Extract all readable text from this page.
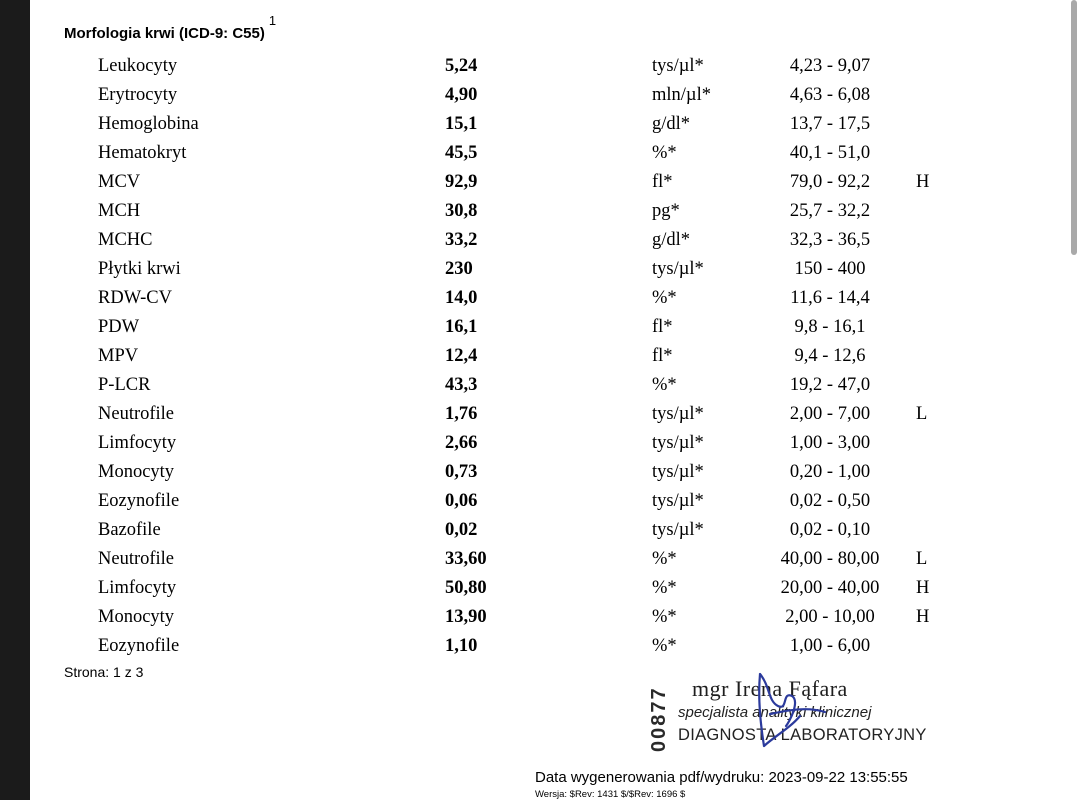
Morfologia krwi (ICD-9: C55)$^1$
Leukocyty	5,24	tys/µl*	4,23 - 9,07
Erytrocyty	4,90	mln/µl*	4,63 - 6,08
Hemoglobina	15,1	g/dl*	13,7 - 17,5
Hematokryt	45,5	%*	40,1 - 51,0
MCV	92,9	fl*	79,0 - 92,2	H
MCH	30,8	pg*	25,7 - 32,2
MCHC	33,2	g/dl*	32,3 - 36,5
Płytki krwi	230	tys/µl*	150 - 400
RDW-CV	14,0	%*	11,6 - 14,4
PDW	16,1	fl*	9,8 - 16,1
MPV	12,4	fl*	9,4 - 12,6
P-LCR	43,3	%*	19,2 - 47,0
Neutrofile	1,76	tys/µl*	2,00 - 7,00	L
Limfocyty	2,66	tys/µl*	1,00 - 3,00
Monocyty	0,73	tys/µl*	0,20 - 1,00
Eozynofile	0,06	tys/µl*	0,02 - 0,50
Bazofile	0,02	tys/µl*	0,02 - 0,10
Neutrofile	33,60	%*	40,00 - 80,00	L
Limfocyty	50,80	%*	20,00 - 40,00	H
Monocyty	13,90	%*	2,00 - 10,00	H
Eozynofile	1,10	%*	1,00 - 6,00
Strona: 1 z 3
00877 mgr Irena Fąfara
specjalista analityki klinicznej
DIAGNOSTA LABORATORYJNY
Data wygenerowania pdf/wydruku: 2023-09-22 13:55:55
Wersja: $Rev: 1431 $/$Rev: 1696 $
